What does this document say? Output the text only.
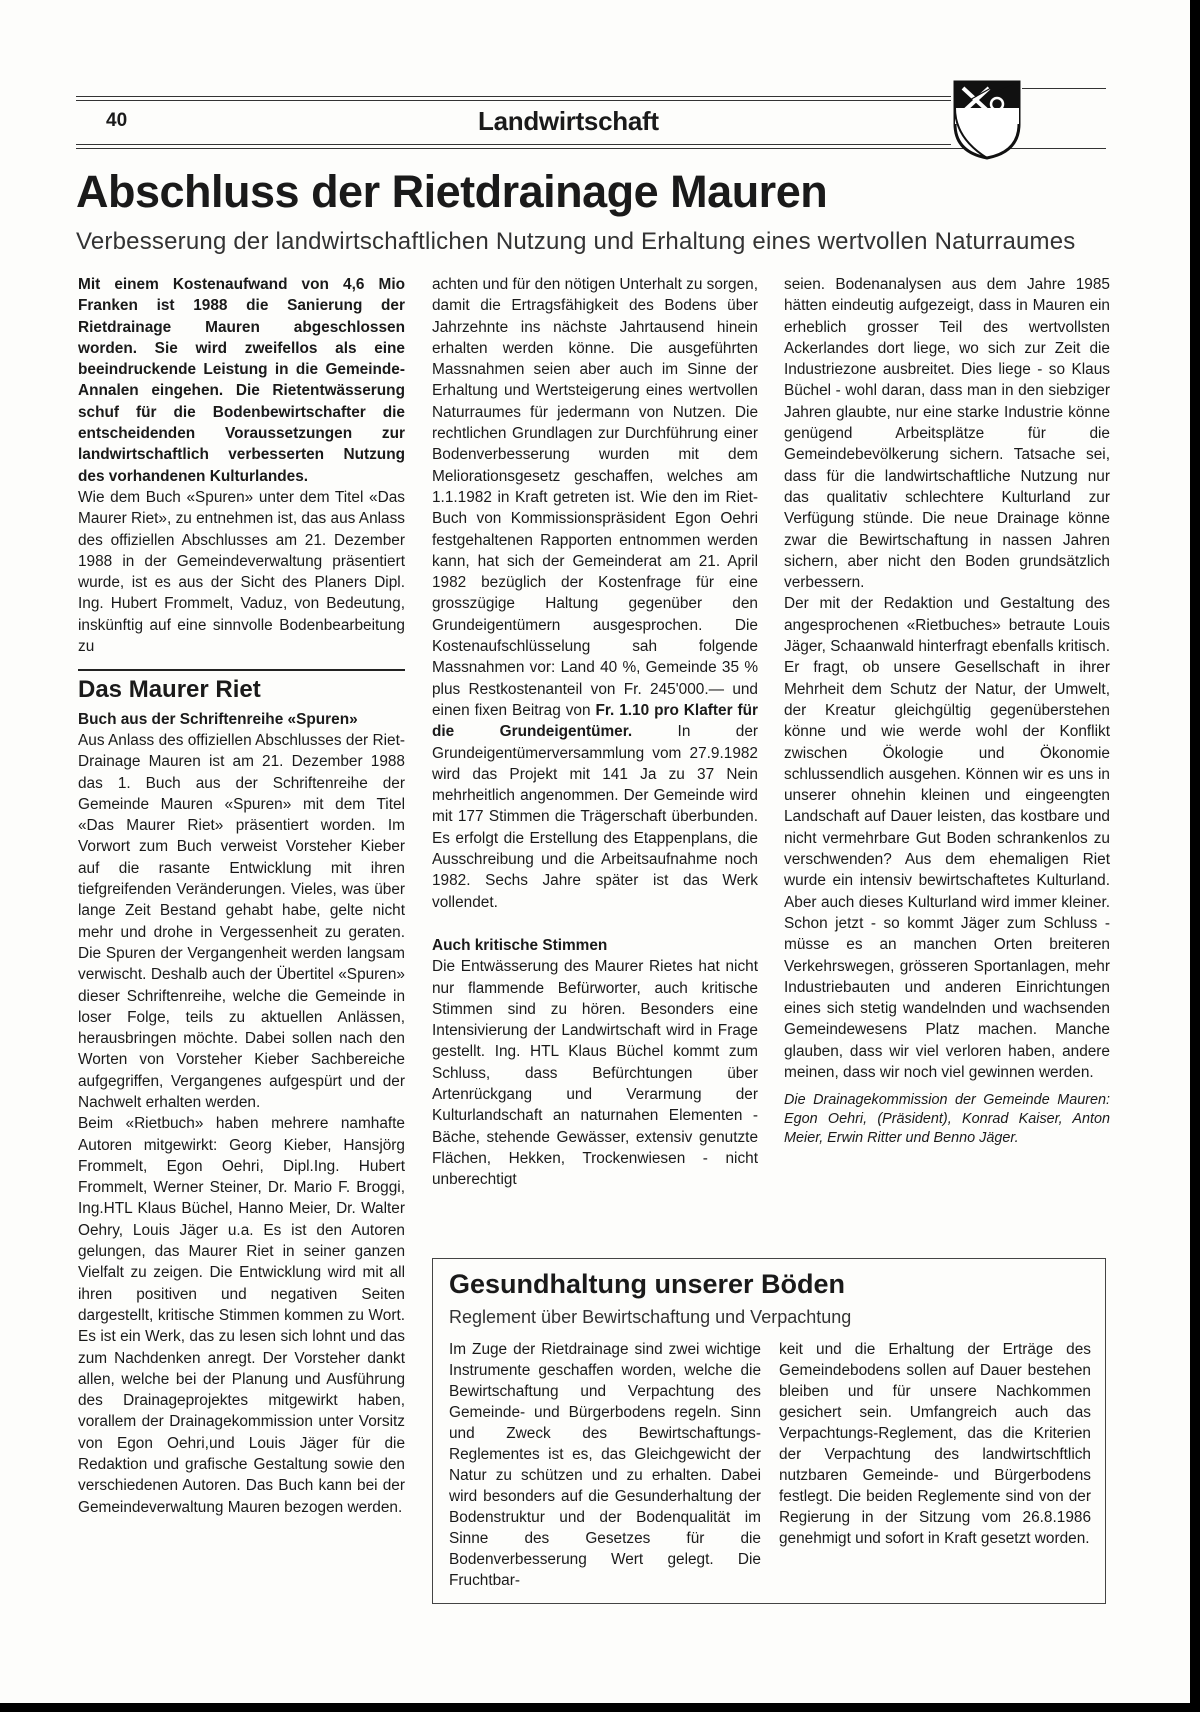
40	Landwirtschaft
Abschluss der Rietdrainage Mauren

Verbesserung der landwirtschaftlichen Nutzung und Erhaltung eines wertvollen Naturraumes

Mit einem Kostenaufwand von 4,6 Mio Franken ist 1988 die Sanierung der Rietdrainage Mauren abgeschlossen worden. Sie wird zweifellos als eine beeindruckende Leistung in die Gemeinde-Annalen eingehen. Die Rietentwässerung schuf für die Bodenbewirtschafter die entscheidenden Voraussetzungen zur landwirtschaftlich verbesserten Nutzung des vorhandenen Kulturlandes.

Wie dem Buch «Spuren» unter dem Titel «Das Maurer Riet», zu entnehmen ist, das aus Anlass des offiziellen Abschlusses am 21. Dezember 1988 in der Gemeindeverwaltung präsentiert wurde, ist es aus der Sicht des Planers Dipl. Ing. Hubert Frommelt, Vaduz, von Bedeutung, inskünftig auf eine sinnvolle Bodenbearbeitung zu

Das Maurer Riet
Buch aus der Schriftenreihe «Spuren»

Aus Anlass des offiziellen Abschlusses der Riet-Drainage Mauren ist am 21. Dezember 1988 das 1. Buch aus der Schriftenreihe der Gemeinde Mauren «Spuren» mit dem Titel «Das Maurer Riet» präsentiert worden. Im Vorwort zum Buch verweist Vorsteher Kieber auf die rasante Entwicklung mit ihren tiefgreifenden Veränderungen. Vieles, was über lange Zeit Bestand gehabt habe, gelte nicht mehr und drohe in Vergessenheit zu geraten. Die Spuren der Vergangenheit werden langsam verwischt. Deshalb auch der Übertitel «Spuren» dieser Schriftenreihe, welche die Gemeinde in loser Folge, teils zu aktuellen Anlässen, herausbringen möchte. Dabei sollen nach den Worten von Vorsteher Kieber Sachbereiche aufgegriffen, Vergangenes aufgespürt und der Nachwelt erhalten werden.

Beim «Rietbuch» haben mehrere namhafte Autoren mitgewirkt: Georg Kieber, Hansjörg Frommelt, Egon Oehri, Dipl.Ing. Hubert Frommelt, Werner Steiner, Dr. Mario F. Broggi, Ing.HTL Klaus Büchel, Hanno Meier, Dr. Walter Oehry, Louis Jäger u.a. Es ist den Autoren gelungen, das Maurer Riet in seiner ganzen Vielfalt zu zeigen. Die Entwicklung wird mit all ihren positiven und negativen Seiten dargestellt, kritische Stimmen kommen zu Wort. Es ist ein Werk, das zu lesen sich lohnt und das zum Nachdenken anregt. Der Vorsteher dankt allen, welche bei der Planung und Ausführung des Drainageprojektes mitgewirkt haben, vorallem der Drainagekommission unter Vorsitz von Egon Oehri,und Louis Jäger für die Redaktion und grafische Gestaltung sowie den verschiedenen Autoren. Das Buch kann bei der Gemeindeverwaltung Mauren bezogen werden.

achten und für den nötigen Unterhalt zu sorgen, damit die Ertragsfähigkeit des Bodens über Jahrzehnte ins nächste Jahrtausend hinein erhalten werden könne. Die ausgeführten Massnahmen seien aber auch im Sinne der Erhaltung und Wertsteigerung eines wertvollen Naturraumes für jedermann von Nutzen. Die rechtlichen Grundlagen zur Durchführung einer Bodenverbesserung wurden mit dem Meliorationsgesetz geschaffen, welches am 1.1.1982 in Kraft getreten ist. Wie den im Riet-Buch von Kommissionspräsident Egon Oehri festgehaltenen Rapporten entnommen werden kann, hat sich der Gemeinderat am 21. April 1982 bezüglich der Kostenfrage für eine grosszügige Haltung gegenüber den Grundeigentümern ausgesprochen. Die Kostenaufschlüsselung sah folgende Massnahmen vor: Land 40 %, Gemeinde 35 % plus Restkostenanteil von Fr. 245'000.— und einen fixen Beitrag von Fr. 1.10 pro Klafter für die Grundeigentümer. In der Grundeigentümerversammlung vom 27.9.1982 wird das Projekt mit 141 Ja zu 37 Nein mehrheitlich angenommen. Der Gemeinde wird mit 177 Stimmen die Trägerschaft überbunden. Es erfolgt die Erstellung des Etappenplans, die Ausschreibung und die Arbeitsaufnahme noch 1982. Sechs Jahre später ist das Werk vollendet.

Auch kritische Stimmen

Die Entwässerung des Maurer Rietes hat nicht nur flammende Befürworter, auch kritische Stimmen sind zu hören. Besonders eine Intensivierung der Landwirtschaft wird in Frage gestellt. Ing. HTL Klaus Büchel kommt zum Schluss, dass Befürchtungen über Artenrückgang und Verarmung der Kulturlandschaft an naturnahen Elementen - Bäche, stehende Gewässer, extensiv genutzte Flächen, Hekken, Trockenwiesen - nicht unberechtigt

seien. Bodenanalysen aus dem Jahre 1985 hätten eindeutig aufgezeigt, dass in Mauren ein erheblich grosser Teil des wertvollsten Ackerlandes dort liege, wo sich zur Zeit die Industriezone ausbreitet. Dies liege - so Klaus Büchel - wohl daran, dass man in den siebziger Jahren glaubte, nur eine starke Industrie könne genügend Arbeitsplätze für die Gemeindebevölkerung sichern. Tatsache sei, dass für die landwirtschaftliche Nutzung nur das qualitativ schlechtere Kulturland zur Verfügung stünde. Die neue Drainage könne zwar die Bewirtschaftung in nassen Jahren sichern, aber nicht den Boden grundsätzlich verbessern.

Der mit der Redaktion und Gestaltung des angesprochenen «Rietbuches» betraute Louis Jäger, Schaanwald hinterfragt ebenfalls kritisch. Er fragt, ob unsere Gesellschaft in ihrer Mehrheit dem Schutz der Natur, der Umwelt, der Kreatur gleichgültig gegenüberstehen könne und wie werde wohl der Konflikt zwischen Ökologie und Ökonomie schlussendlich ausgehen. Können wir es uns in unserer ohnehin kleinen und eingeengten Landschaft auf Dauer leisten, das kostbare und nicht vermehrbare Gut Boden schrankenlos zu verschwenden? Aus dem ehemaligen Riet wurde ein intensiv bewirtschaftetes Kulturland. Aber auch dieses Kulturland wird immer kleiner. Schon jetzt - so kommt Jäger zum Schluss - müsse es an manchen Orten breiteren Verkehrswegen, grösseren Sportanlagen, mehr Industriebauten und anderen Einrichtungen eines sich stetig wandelnden und wachsenden Gemeindewesens Platz machen. Manche glauben, dass wir viel verloren haben, andere meinen, dass wir noch viel gewinnen werden.

Die Drainagekommission der Gemeinde Mauren: Egon Oehri, (Präsident), Konrad Kaiser, Anton Meier, Erwin Ritter und Benno Jäger.

Gesundhaltung unserer Böden

Reglement über Bewirtschaftung und Verpachtung

Im Zuge der Rietdrainage sind zwei wichtige Instrumente geschaffen worden, welche die Bewirtschaftung und Verpachtung des Gemeinde- und Bürgerbodens regeln. Sinn und Zweck des Bewirtschaftungs-Reglementes ist es, das Gleichgewicht der Natur zu schützen und zu erhalten. Dabei wird besonders auf die Gesunderhaltung der Bodenstruktur und der Bodenqualität im Sinne des Gesetzes für die Bodenverbesserung Wert gelegt. Die Fruchtbar-

keit und die Erhaltung der Erträge des Gemeindebodens sollen auf Dauer bestehen bleiben und für unsere Nachkommen gesichert sein. Umfangreich auch das Verpachtungs-Reglement, das die Kriterien der Verpachtung des landwirtschftlich nutzbaren Gemeinde- und Bürgerbodens festlegt. Die beiden Reglemente sind von der Regierung in der Sitzung vom 26.8.1986 genehmigt und sofort in Kraft gesetzt worden.
